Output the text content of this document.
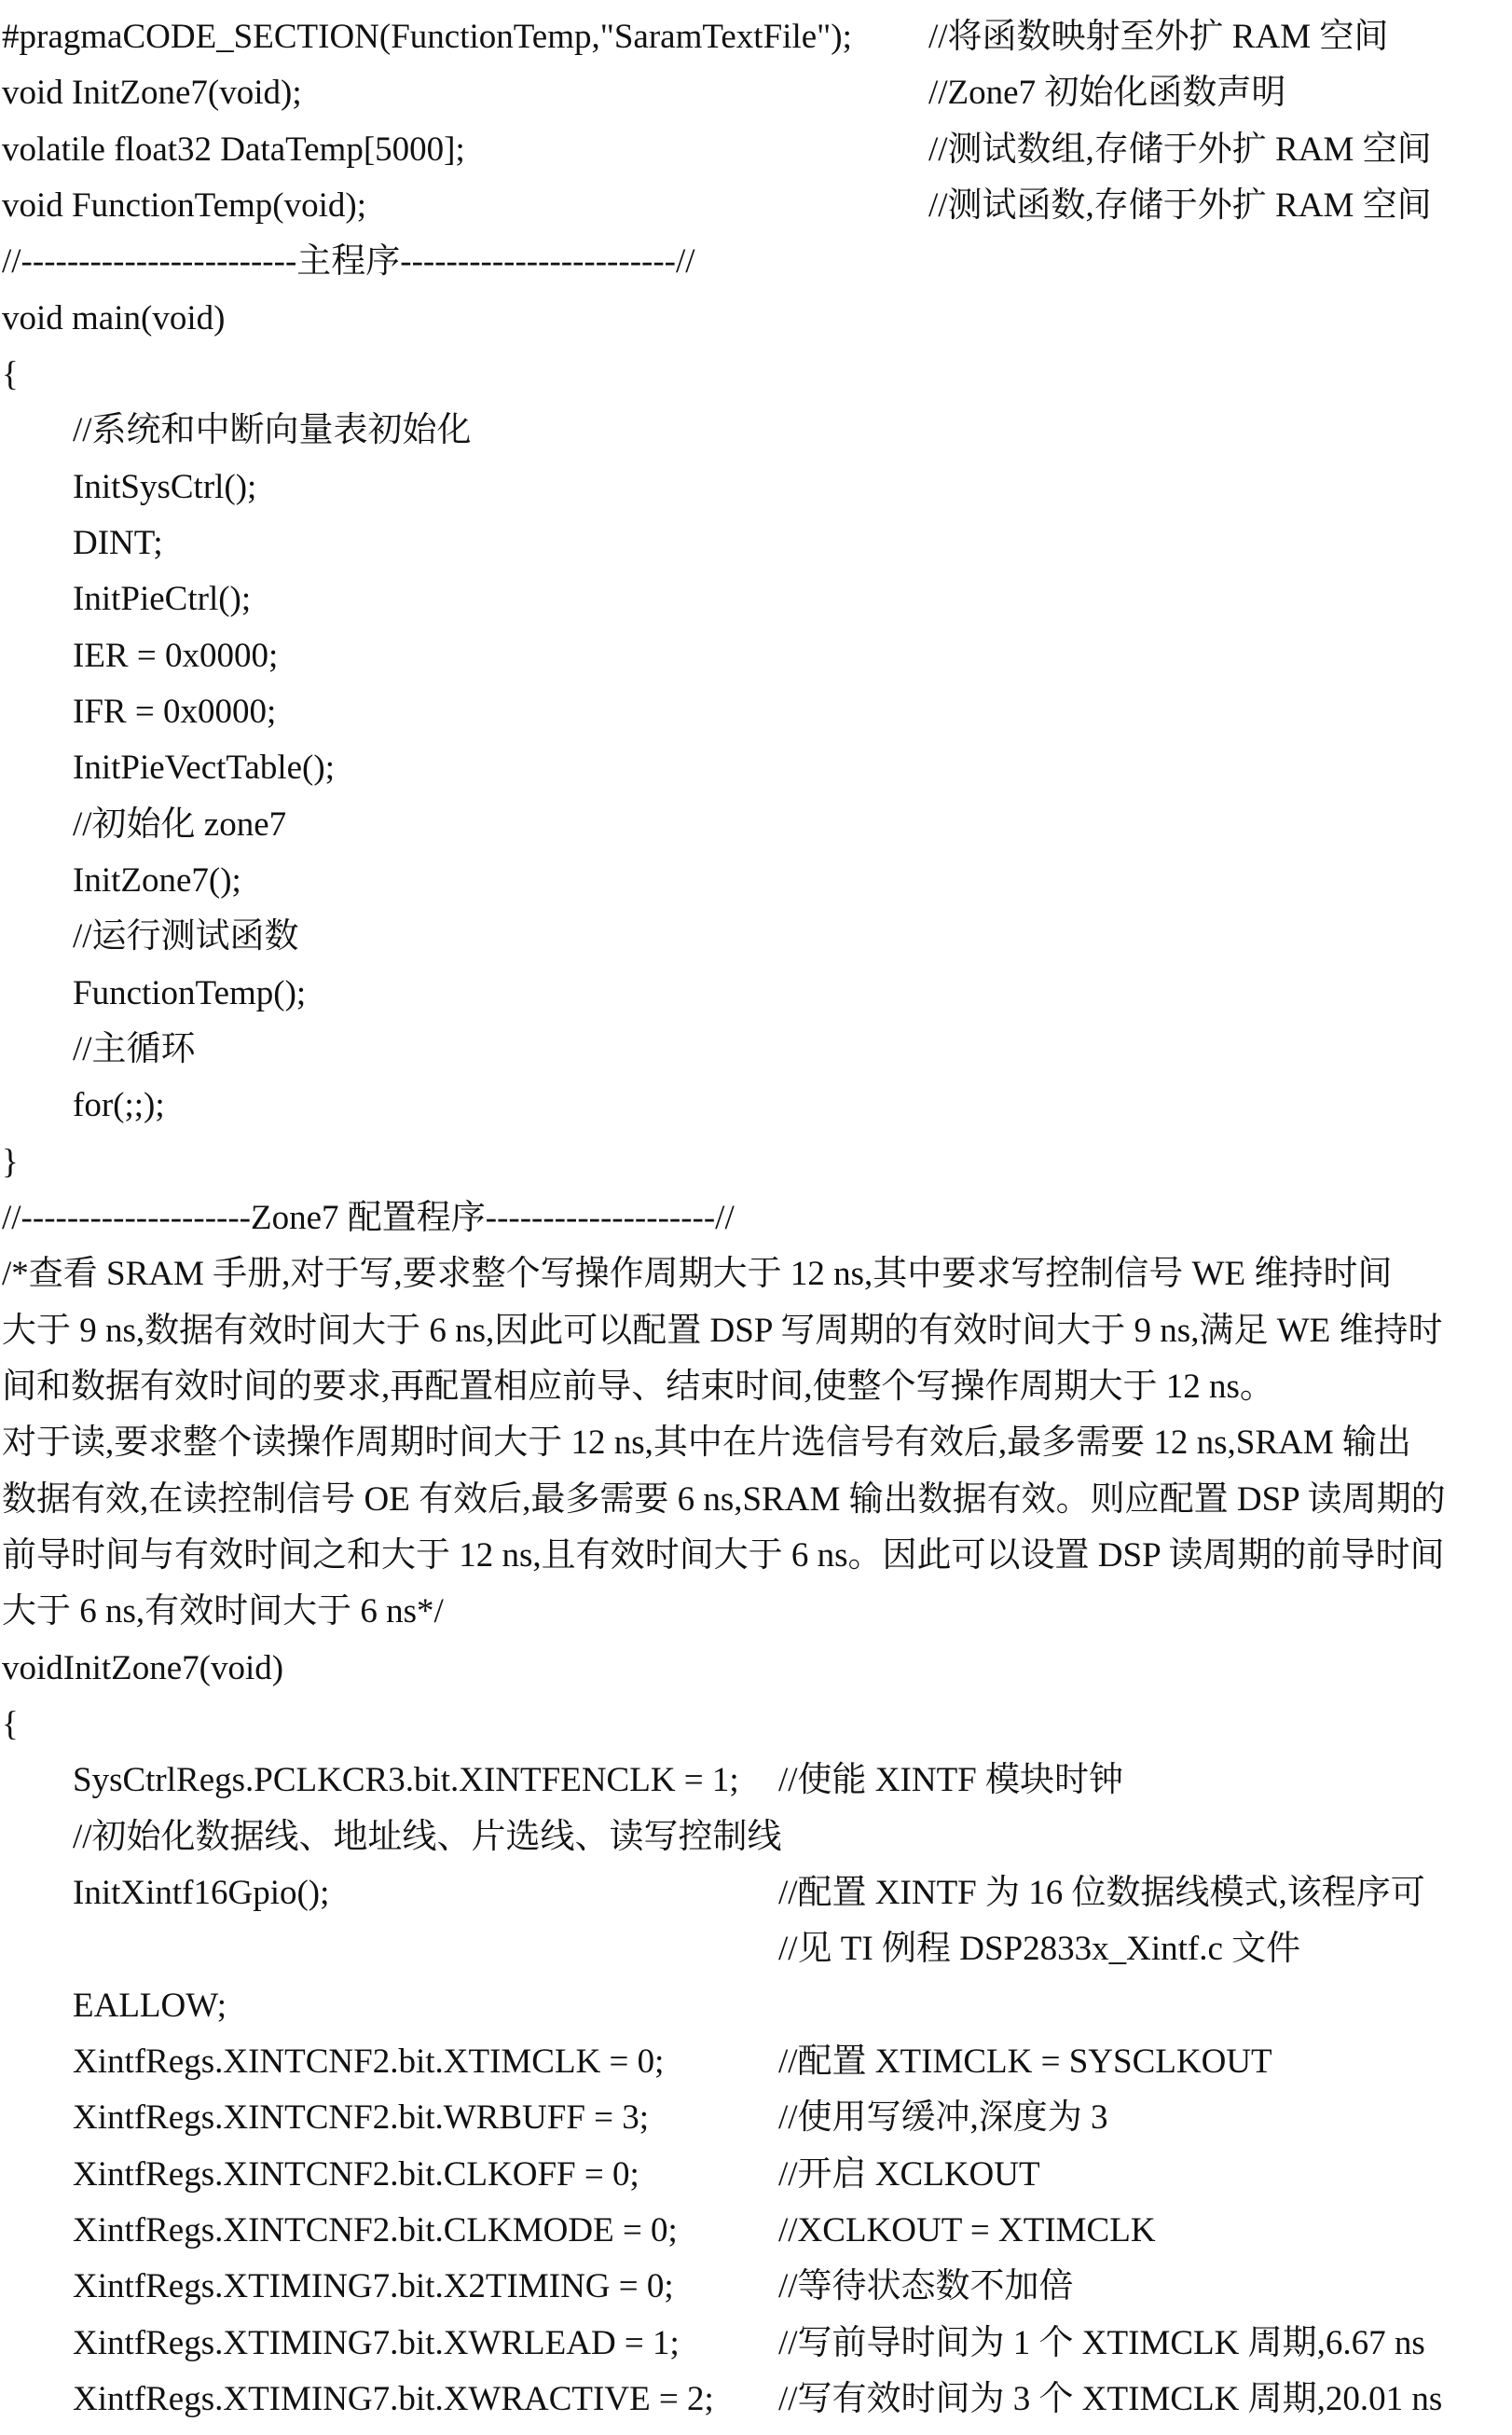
#pragmaCODE_SECTION(FunctionTemp,"SaramTextFile"); //将函数映射至外扩 RAM 空间
void InitZone7(void);	//Zone7 初始化函数声明
volatile float32 DataTemp[5000];	//测试数组,存储于外扩 RAM 空间
void FunctionTemp(void);	//测试函数,存储于外扩 RAM 空间
//------------------------主程序------------------------//
void main(void)
{
//系统和中断向量表初始化
InitSysCtrl();
DINT;
InitPieCtrl();
IER = 0x0000;
IFR = 0x0000;
InitPieVectTable();
//初始化 zone7
InitZone7();
//运行测试函数
FunctionTemp();
//主循环
for(;;);
}
//--------------------Zone7 配置程序--------------------//
/*查看 SRAM 手册,对于写,要求整个写操作周期大于 12 ns,其中要求写控制信号 WE 维持时间
大于 9 ns,数据有效时间大于 6 ns,因此可以配置 DSP 写周期的有效时间大于 9 ns,满足 WE 维持时
间和数据有效时间的要求,再配置相应前导、结束时间,使整个写操作周期大于 12 ns。
对于读,要求整个读操作周期时间大于 12 ns,其中在片选信号有效后,最多需要 12 ns,SRAM 输出
数据有效,在读控制信号 OE 有效后,最多需要 6 ns,SRAM 输出数据有效。则应配置 DSP 读周期的
前导时间与有效时间之和大于 12 ns,且有效时间大于 6 ns。因此可以设置 DSP 读周期的前导时间
大于 6 ns,有效时间大于 6 ns*/
voidInitZone7(void)
{
SysCtrlRegs.PCLKCR3.bit.XINTFENCLK = 1; //使能 XINTF 模块时钟
//初始化数据线、地址线、片选线、读写控制线
InitXintf16Gpio();	//配置 XINTF 为 16 位数据线模式,该程序可
//见 TI 例程 DSP2833x_Xintf.c 文件
EALLOW;
XintfRegs.XINTCNF2.bit.XTIMCLK = 0;	//配置 XTIMCLK = SYSCLKOUT
XintfRegs.XINTCNF2.bit.WRBUFF = 3;	//使用写缓冲,深度为 3
XintfRegs.XINTCNF2.bit.CLKOFF = 0;	//开启 XCLKOUT
XintfRegs.XINTCNF2.bit.CLKMODE = 0;	//XCLKOUT = XTIMCLK
XintfRegs.XTIMING7.bit.X2TIMING = 0;	//等待状态数不加倍
XintfRegs.XTIMING7.bit.XWRLEAD = 1;	//写前导时间为 1 个 XTIMCLK 周期,6.67 ns
XintfRegs.XTIMING7.bit.XWRACTIVE = 2; //写有效时间为 3 个 XTIMCLK 周期,20.01 ns
